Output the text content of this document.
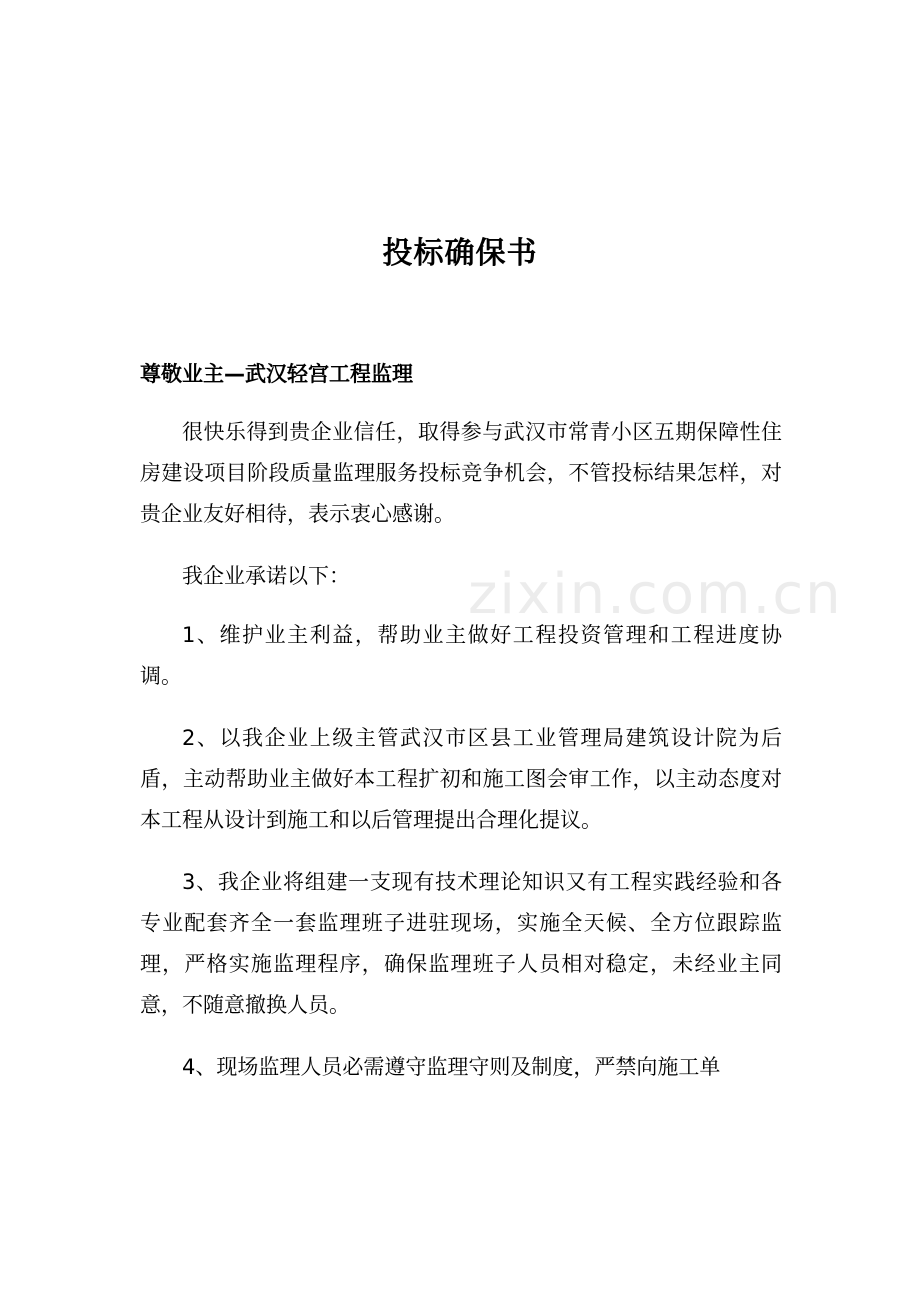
zixin.com.cn
投标确保书
尊敬业主—武汉轻宫工程监理

很快乐得到贵企业信任，取得参与武汉市常青小区五期保障性住房建设项目阶段质量监理服务投标竞争机会，不管投标结果怎样，对贵企业友好相待，表示衷心感谢。

我企业承诺以下：

1、维护业主利益，帮助业主做好工程投资管理和工程进度协调。

2、以我企业上级主管武汉市区县工业管理局建筑设计院为后盾，主动帮助业主做好本工程扩初和施工图会审工作，以主动态度对本工程从设计到施工和以后管理提出合理化提议。

3、我企业将组建一支现有技术理论知识又有工程实践经验和各专业配套齐全一套监理班子进驻现场，实施全天候、全方位跟踪监理，严格实施监理程序，确保监理班子人员相对稳定，未经业主同意，不随意撤换人员。

4、现场监理人员必需遵守监理守则及制度，严禁向施工单
